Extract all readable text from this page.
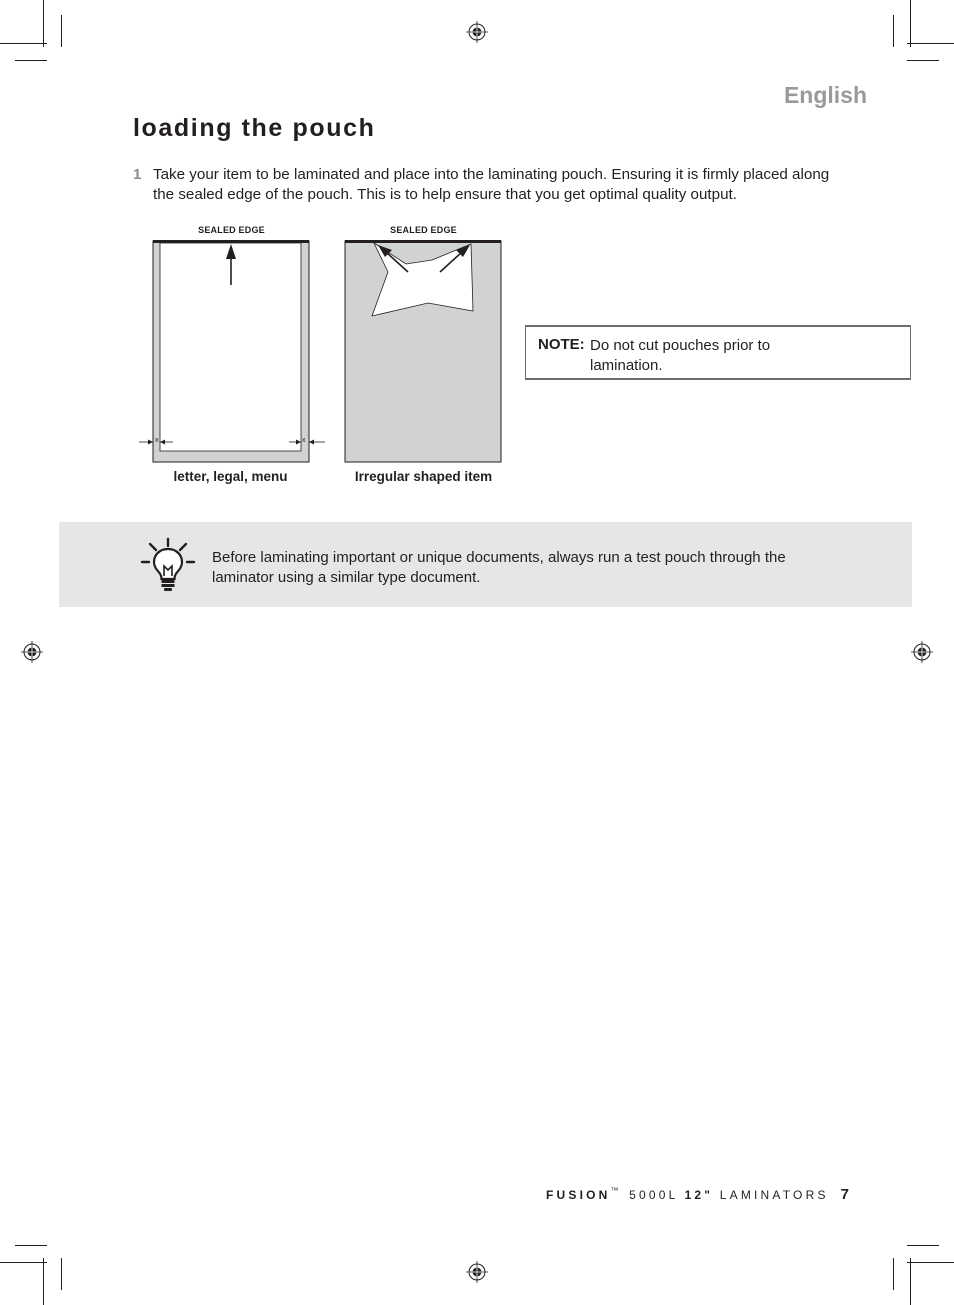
English
loading the pouch
1 Take your item to be laminated and place into the laminating pouch. Ensuring it is firmly placed along the sealed edge of the pouch. This is to help ensure that you get optimal quality output.
SEALED EDGE
x	x
letter, legal, menu
SEALED EDGE
Irregular shaped item
NOTE: Do not cut pouches prior to lamination.
Before laminating important or unique documents, always run a test pouch through the laminator using a similar type document.
FUSION™ 5000L 12" LAMINATORS 7
